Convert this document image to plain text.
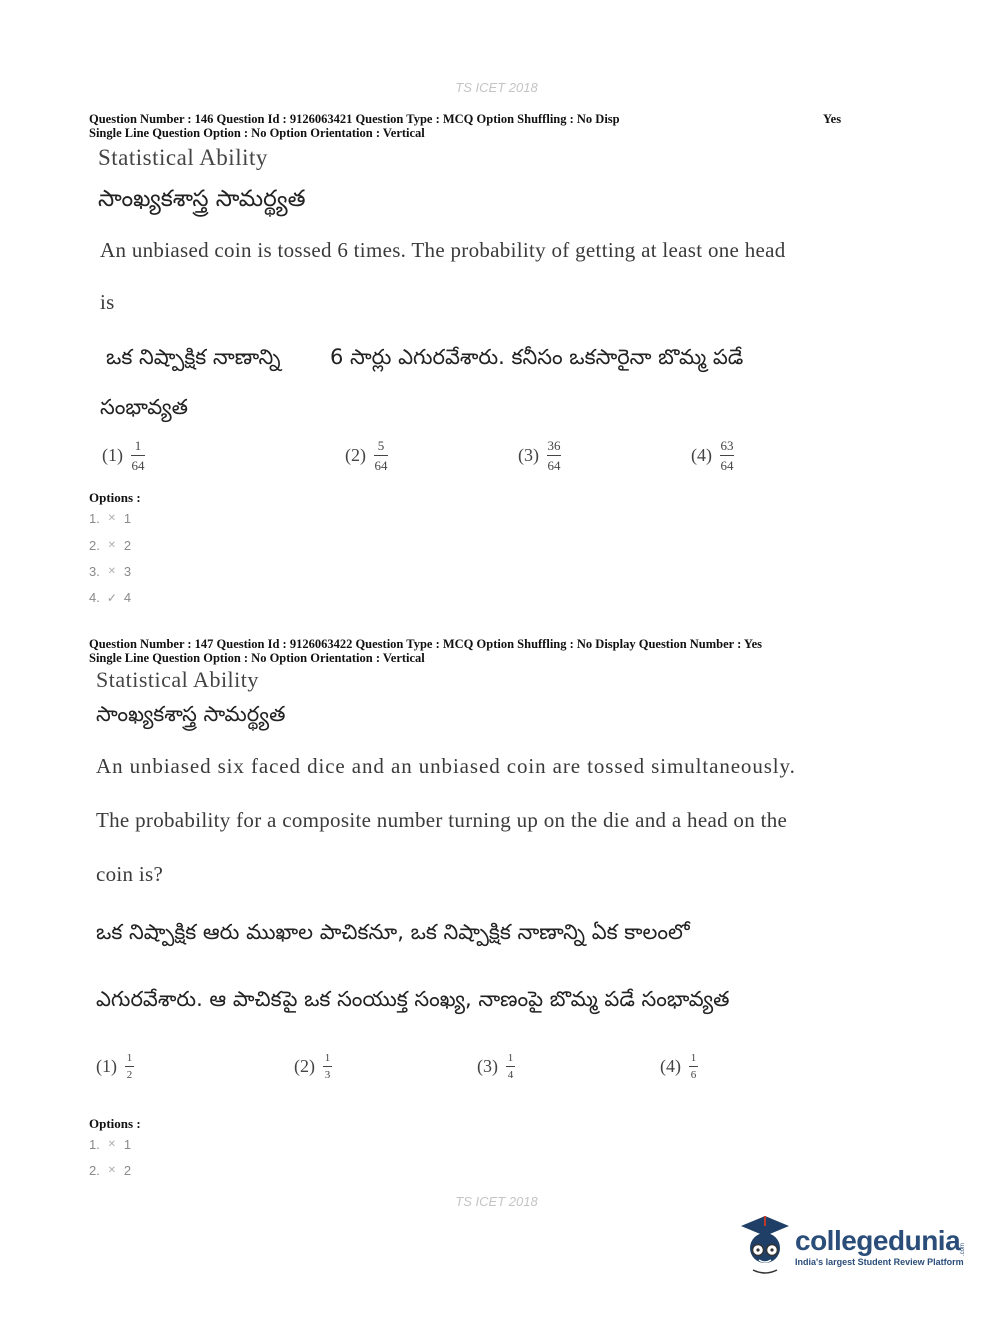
TS ICET 2018
Question Number : 146 Question Id : 9126063421 Question Type : MCQ Option Shuffling : No Disp	Yes
Single Line Question Option : No Option Orientation : Vertical
Statistical Ability
సాంఖ్యకశాస్త్ర సామర్థ్యత
An unbiased coin is tossed 6 times. The probability of getting at least one head
is
ఒక నిష్పాక్షిక నాణాన్ని 6 సార్లు ఎగురవేశారు. కనీసం ఒకసారైనా బొమ్మ పడే
సంభావ్యత
$(1) \frac{1}{64}$	$(2) \frac{5}{64}$	$(3) \frac{36}{64}$	$(4) \frac{63}{64}$
Options :
1. ✕ 1
2. ✕ 2
3. ✕ 3
4. ✓ 4
Question Number : 147 Question Id : 9126063422 Question Type : MCQ Option Shuffling : No Display Question Number : Yes
Single Line Question Option : No Option Orientation : Vertical
Statistical Ability
సాంఖ్యకశాస్త్ర సామర్థ్యత
An unbiased six faced dice and an unbiased coin are tossed simultaneously.
The probability for a composite number turning up on the die and a head on the
coin is?
ఒక నిష్పాక్షిక ఆరు ముఖాల పాచికనూ, ఒక నిష్పాక్షిక నాణాన్ని ఏక కాలంలో
ఎగురవేశారు. ఆ పాచికపై ఒక సంయుక్త సంఖ్య, నాణంపై బొమ్మ పడే సంభావ్యత
$(1) \frac{1}{2}$	$(2) \frac{1}{3}$	$(3) \frac{1}{4}$	$(4) \frac{1}{6}$
Options :
1. ✕ 1
2. ✕ 2
TS ICET 2018
collegedunia .com
India's largest Student Review Platform
